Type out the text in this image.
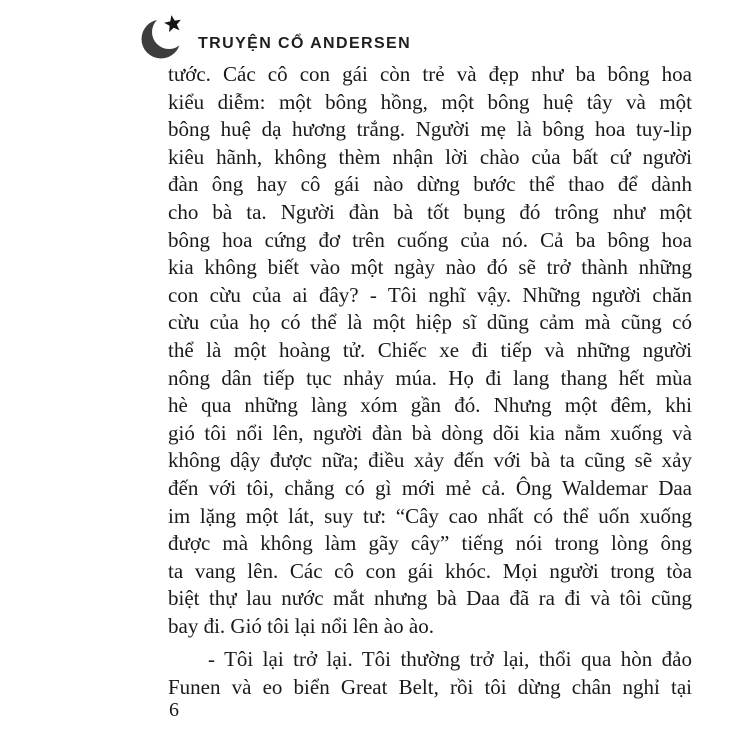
TRUYỆN CỔ ANDERSEN
tước. Các cô con gái còn trẻ và đẹp như ba bông hoa
kiểu diễm: một bông hồng, một bông huệ tây và một
bông huệ dạ hương trắng. Người mẹ là bông hoa tuy-lip
kiêu hãnh, không thèm nhận lời chào của bất cứ người
đàn ông hay cô gái nào dừng bước thể thao để dành
cho bà ta. Người đàn bà tốt bụng đó trông như một
bông hoa cứng đơ trên cuống của nó. Cả ba bông hoa
kia không biết vào một ngày nào đó sẽ trở thành những
con cừu của ai đây? - Tôi nghĩ vậy. Những người chăn
cừu của họ có thể là một hiệp sĩ dũng cảm mà cũng có
thể là một hoàng tử. Chiếc xe đi tiếp và những người
nông dân tiếp tục nhảy múa. Họ đi lang thang hết mùa
hè qua những làng xóm gần đó. Nhưng một đêm, khi
gió tôi nổi lên, người đàn bà dòng dõi kia nằm xuống và
không dậy được nữa; điều xảy đến với bà ta cũng sẽ xảy
đến với tôi, chẳng có gì mới mẻ cả. Ông Waldemar Daa
im lặng một lát, suy tư: “Cây cao nhất có thể uốn xuống
được mà không làm gãy cây” tiếng nói trong lòng ông
ta vang lên. Các cô con gái khóc. Mọi người trong tòa
biệt thự lau nước mắt nhưng bà Daa đã ra đi và tôi cũng
bay đi. Gió tôi lại nổi lên ào ào.
- Tôi lại trở lại. Tôi thường trở lại, thổi qua hòn đảo
Funen và eo biển Great Belt, rồi tôi dừng chân nghỉ tại
6
